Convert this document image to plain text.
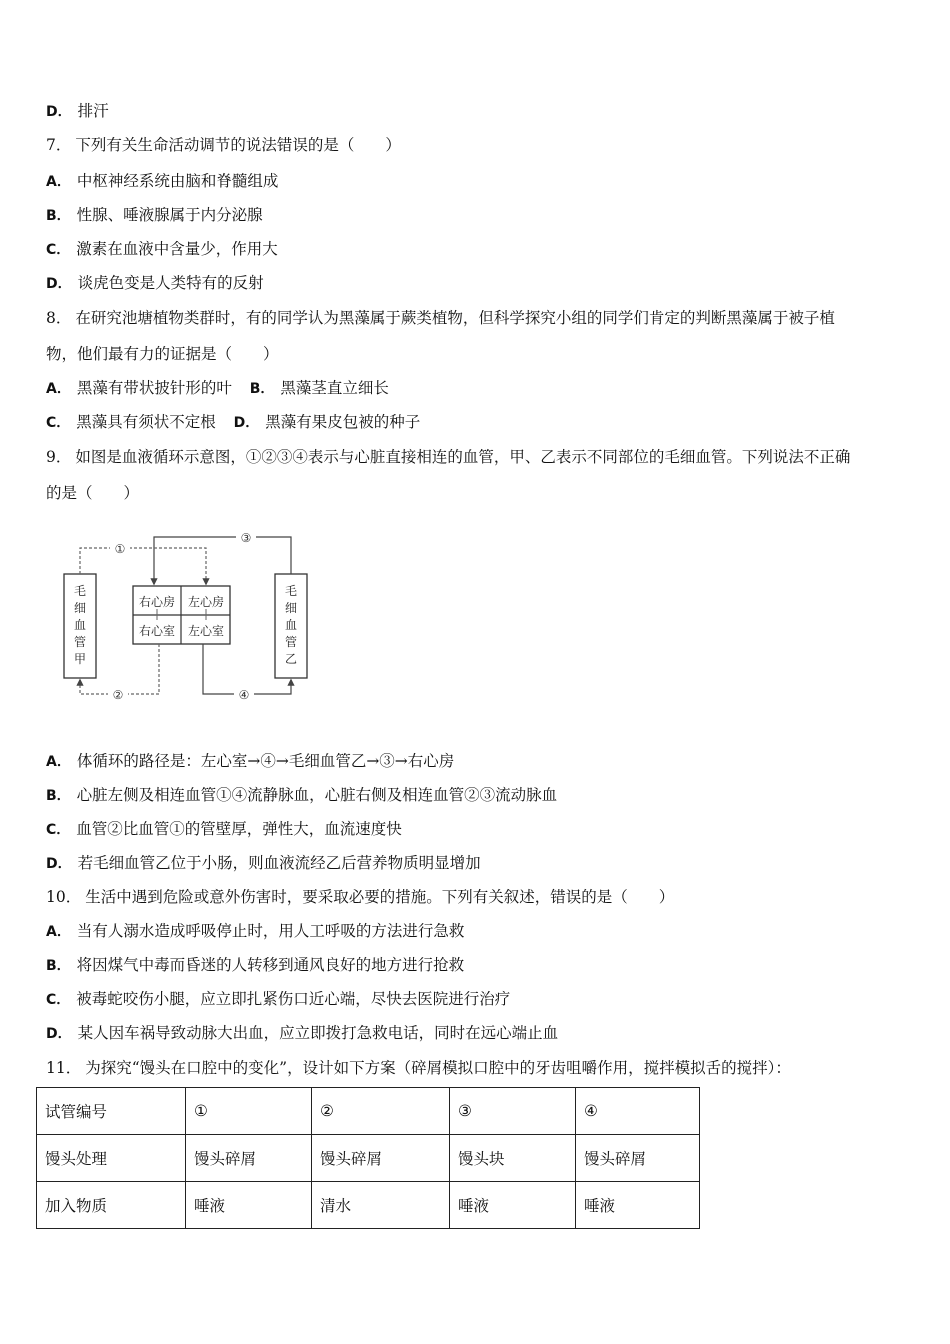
D． 排汗
7． 下列有关生命活动调节的说法错误的是（　　）
A． 中枢神经系统由脑和脊髓组成
B． 性腺、唾液腺属于内分泌腺
C． 激素在血液中含量少，作用大
D． 谈虎色变是人类特有的反射
8． 在研究池塘植物类群时，有的同学认为黑藻属于蕨类植物，但科学探究小组的同学们肯定的判断黑藻属于被子植
物，他们最有力的证据是（　　）
A． 黑藻有带状披针形的叶 B． 黑藻茎直立细长
C． 黑藻具有须状不定根 D． 黑藻有果皮包被的种子
9． 如图是血液循环示意图，①②③④表示与心脏直接相连的血管，甲、乙表示不同部位的毛细血管。下列说法不正确
的是（　　）
①
③
②	④
毛
细
血
管
甲
毛
细
血
管
乙
右心房 左心房
右心室 左心室
A． 体循环的路径是：左心室→④→毛细血管乙→③→右心房
B． 心脏左侧及相连血管①④流静脉血，心脏右侧及相连血管②③流动脉血
C． 血管②比血管①的管壁厚，弹性大，血流速度快
D． 若毛细血管乙位于小肠，则血液流经乙后营养物质明显增加
10． 生活中遇到危险或意外伤害时，要采取必要的措施。下列有关叙述，错误的是（　　）
A． 当有人溺水造成呼吸停止时，用人工呼吸的方法进行急救
B． 将因煤气中毒而昏迷的人转移到通风良好的地方进行抢救
C． 被毒蛇咬伤小腿，应立即扎紧伤口近心端，尽快去医院进行治疗
D． 某人因车祸导致动脉大出血，应立即拨打急救电话，同时在远心端止血
11． 为探究“馒头在口腔中的变化”，设计如下方案（碎屑模拟口腔中的牙齿咀嚼作用，搅拌模拟舌的搅拌）：
试管编号	①	②	③	④
馒头处理	馒头碎屑	馒头碎屑	馒头块	馒头碎屑
加入物质	唾液	清水	唾液	唾液
